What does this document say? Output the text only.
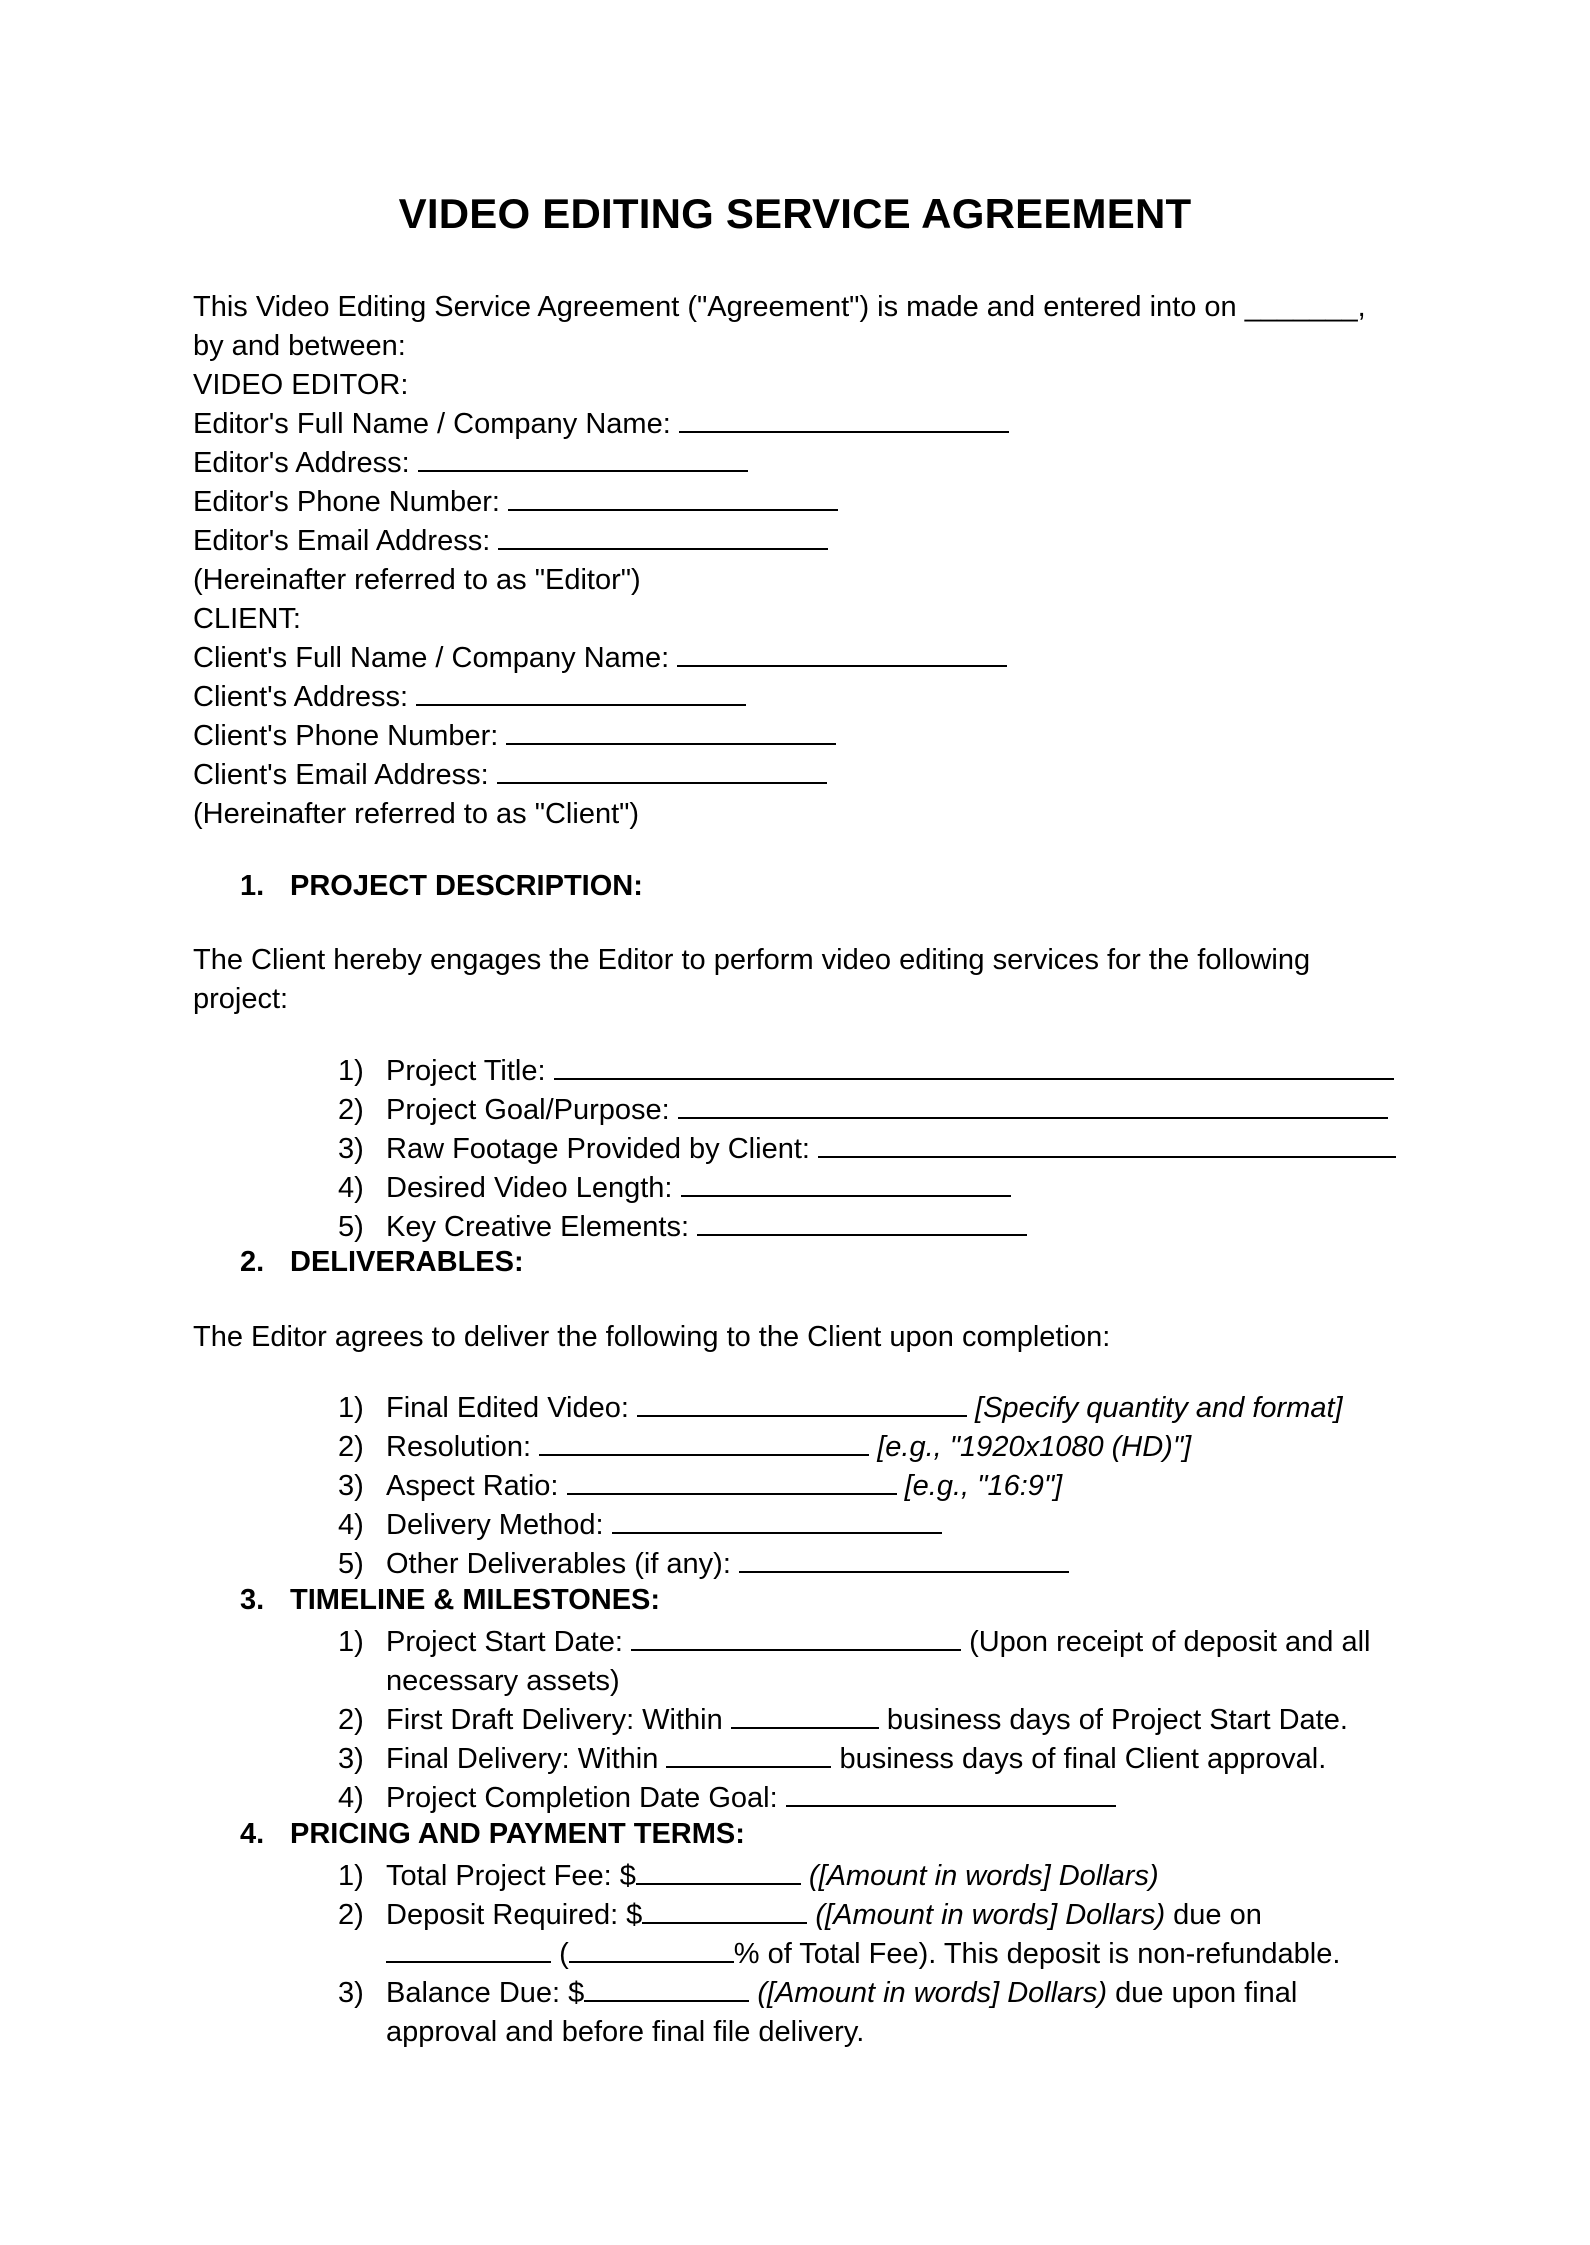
VIDEO EDITING SERVICE AGREEMENT
This Video Editing Service Agreement ("Agreement") is made and entered into on _______,
by and between:
VIDEO EDITOR:
Editor's Full Name / Company Name:
Editor's Address:
Editor's Phone Number:
Editor's Email Address:
(Hereinafter referred to as "Editor")
CLIENT:
Client's Full Name / Company Name:
Client's Address:
Client's Phone Number:
Client's Email Address:
(Hereinafter referred to as "Client")
1. PROJECT DESCRIPTION:
The Client hereby engages the Editor to perform video editing services for the following project:
1) Project Title:
2) Project Goal/Purpose:
3) Raw Footage Provided by Client:
4) Desired Video Length:
5) Key Creative Elements:
2. DELIVERABLES:
The Editor agrees to deliver the following to the Client upon completion:
1) Final Edited Video:	[Specify quantity and format]
2) Resolution:	[e.g., "1920x1080 (HD)"]
3) Aspect Ratio:	[e.g., "16:9"]
4) Delivery Method:
5) Other Deliverables (if any):
3. TIMELINE & MILESTONES:
1) Project Start Date:	(Upon receipt of deposit and all
necessary assets)
2) First Draft Delivery: Within	business days of Project Start Date.
3) Final Delivery: Within	business days of final Client approval.
4) Project Completion Date Goal:
4. PRICING AND PAYMENT TERMS:
1) Total Project Fee: $	([Amount in words] Dollars)
2) Deposit Required: $	([Amount in words] Dollars) due on
(	% of Total Fee). This deposit is non-refundable.
3) Balance Due: $	([Amount in words] Dollars) due upon final
approval and before final file delivery.
